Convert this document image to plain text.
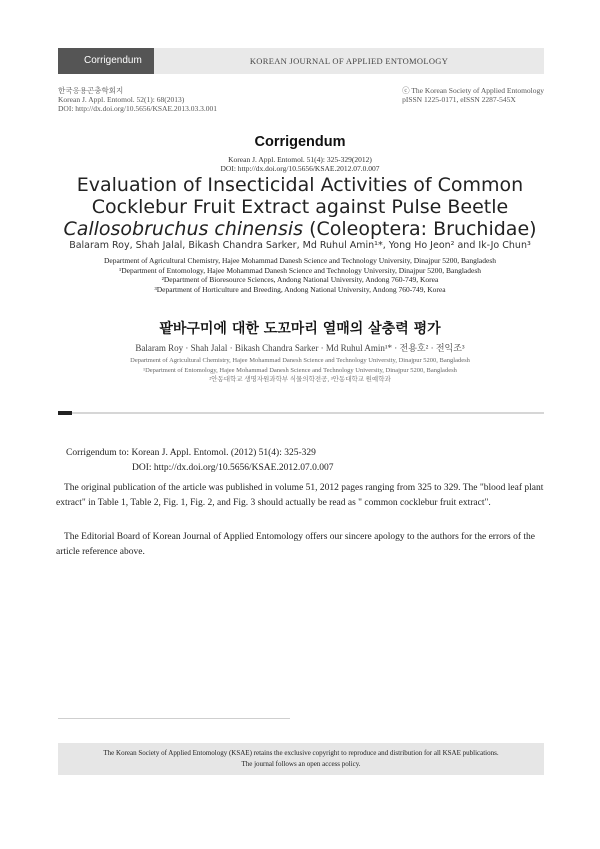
Corrigendum	KOREAN JOURNAL OF APPLIED ENTOMOLOGY
한국응용곤충학회지
Korean J. Appl. Entomol. 52(1): 68(2013)
DOI: http://dx.doi.org/10.5656/KSAE.2013.03.3.001
ⓒ The Korean Society of Applied Entomology
pISSN 1225-0171, eISSN 2287-545X
Corrigendum
Korean J. Appl. Entomol. 51(4): 325-329(2012)
DOI: http://dx.doi.org/10.5656/KSAE.2012.07.0.007
Evaluation of Insecticidal Activities of Common
Cocklebur Fruit Extract against Pulse Beetle
Callosobruchus chinensis (Coleoptera: Bruchidae)
Balaram Roy, Shah Jalal, Bikash Chandra Sarker, Md Ruhul Amin¹*, Yong Ho Jeon² and Ik-Jo Chun³
Department of Agricultural Chemistry, Hajee Mohammad Danesh Science and Technology University, Dinajpur 5200, Bangladesh
¹Department of Entomology, Hajee Mohammad Danesh Science and Technology University, Dinajpur 5200, Bangladesh
²Department of Bioresource Sciences, Andong National University, Andong 760-749, Korea
³Department of Horticulture and Breeding, Andong National University, Andong 760-749, Korea
팥바구미에 대한 도꼬마리 열매의 살충력 평가
Balaram Roy · Shah Jalal · Bikash Chandra Sarker · Md Ruhul Amin¹* · 전용호² · 전익조³
Department of Agricultural Chemistry, Hajee Mohammad Danesh Science and Technology University, Dinajpur 5200, Bangladesh
¹Department of Entomology, Hajee Mohammad Danesh Science and Technology University, Dinajpur 5200, Bangladesh
²안동대학교 생명자원과학부 식물의학전공, ³안동대학교 원예학과
Corrigendum to: Korean J. Appl. Entomol. (2012) 51(4): 325-329
DOI: http://dx.doi.org/10.5656/KSAE.2012.07.0.007
The original publication of the article was published in volume 51, 2012 pages ranging from 325 to 329. The "blood leaf plant extract" in Table 1, Table 2, Fig. 1, Fig. 2, and Fig. 3 should actually be read as " common cocklebur fruit extract".
The Editorial Board of Korean Journal of Applied Entomology offers our sincere apology to the authors for the errors of the article reference above.
The Korean Society of Applied Entomology (KSAE) retains the exclusive copyright to reproduce and distribution for all KSAE publications.
The journal follows an open access policy.
